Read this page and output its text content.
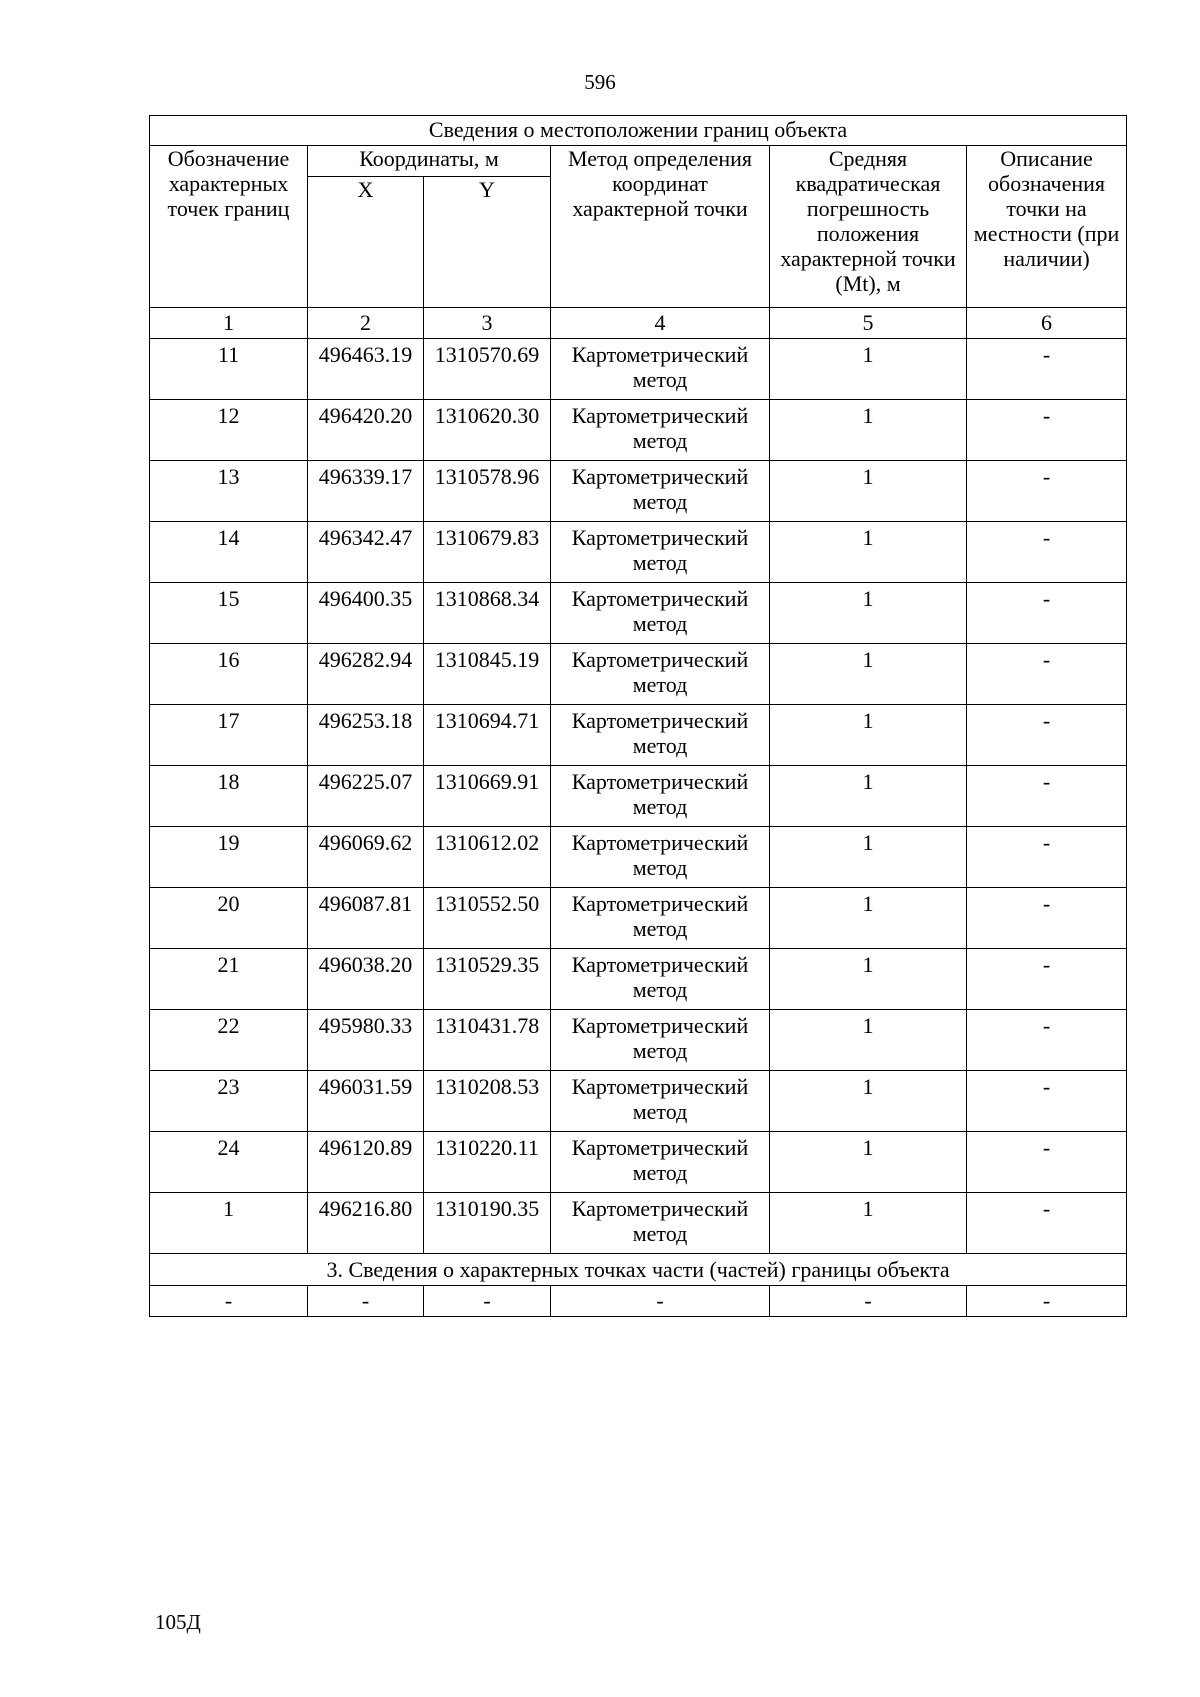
596
Сведения о местоположении границ объекта					
Обозначение характерных точек границ	Координаты, м		Метод определения координат характерной точки	Средняя квадратическая погрешность положения характерной точки (Mt), м	Описание обозначения точки на местности (при наличии)
	X	Y			
1	2	3	4	5	6
11	496463.19	1310570.69	Картометрический метод	1	-
12	496420.20	1310620.30	Картометрический метод	1	-
13	496339.17	1310578.96	Картометрический метод	1	-
14	496342.47	1310679.83	Картометрический метод	1	-
15	496400.35	1310868.34	Картометрический метод	1	-
16	496282.94	1310845.19	Картометрический метод	1	-
17	496253.18	1310694.71	Картометрический метод	1	-
18	496225.07	1310669.91	Картометрический метод	1	-
19	496069.62	1310612.02	Картометрический метод	1	-
20	496087.81	1310552.50	Картометрический метод	1	-
21	496038.20	1310529.35	Картометрический метод	1	-
22	495980.33	1310431.78	Картометрический метод	1	-
23	496031.59	1310208.53	Картометрический метод	1	-
24	496120.89	1310220.11	Картометрический метод	1	-
1	496216.80	1310190.35	Картометрический метод	1	-
3. Сведения о характерных точках части (частей) границы объекта					
-	-	-	-	-	-
105Д
